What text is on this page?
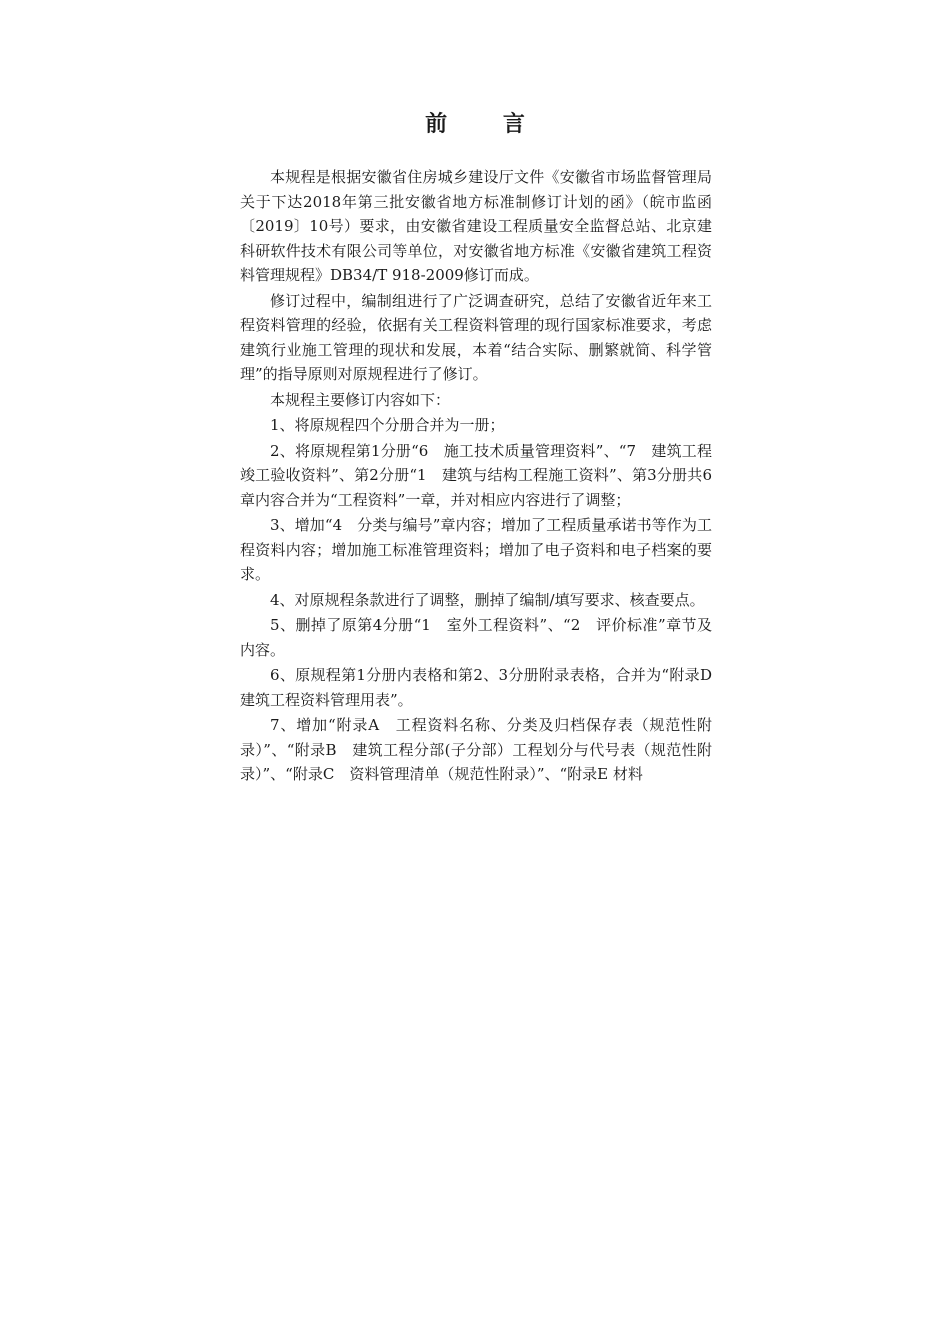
前 言

本规程是根据安徽省住房城乡建设厅文件《安徽省市场监督管理局关于下达2018年第三批安徽省地方标准制修订计划的函》（皖市监函〔2019〕10号）要求，由安徽省建设工程质量安全监督总站、北京建科研软件技术有限公司等单位，对安徽省地方标准《安徽省建筑工程资料管理规程》DB34/T 918-2009修订而成。

修订过程中，编制组进行了广泛调查研究，总结了安徽省近年来工程资料管理的经验，依据有关工程资料管理的现行国家标准要求，考虑建筑行业施工管理的现状和发展，本着“结合实际、删繁就简、科学管理”的指导原则对原规程进行了修订。

本规程主要修订内容如下：

1、将原规程四个分册合并为一册；

2、将原规程第1分册“6　施工技术质量管理资料”、“7　建筑工程竣工验收资料”、第2分册“1　建筑与结构工程施工资料”、第3分册共6章内容合并为“工程资料”一章，并对相应内容进行了调整；

3、增加“4　分类与编号”章内容；增加了工程质量承诺书等作为工程资料内容；增加施工标准管理资料；增加了电子资料和电子档案的要求。

4、对原规程条款进行了调整，删掉了编制/填写要求、核查要点。

5、删掉了原第4分册“1　室外工程资料”、“2　评价标准”章节及内容。

6、原规程第1分册内表格和第2、3分册附录表格，合并为“附录D　建筑工程资料管理用表”。

7、增加“附录A　工程资料名称、分类及归档保存表（规范性附录）”、“附录B　建筑工程分部(子分部）工程划分与代号表（规范性附录）”、“附录C　资料管理清单（规范性附录）”、“附录E 材料
